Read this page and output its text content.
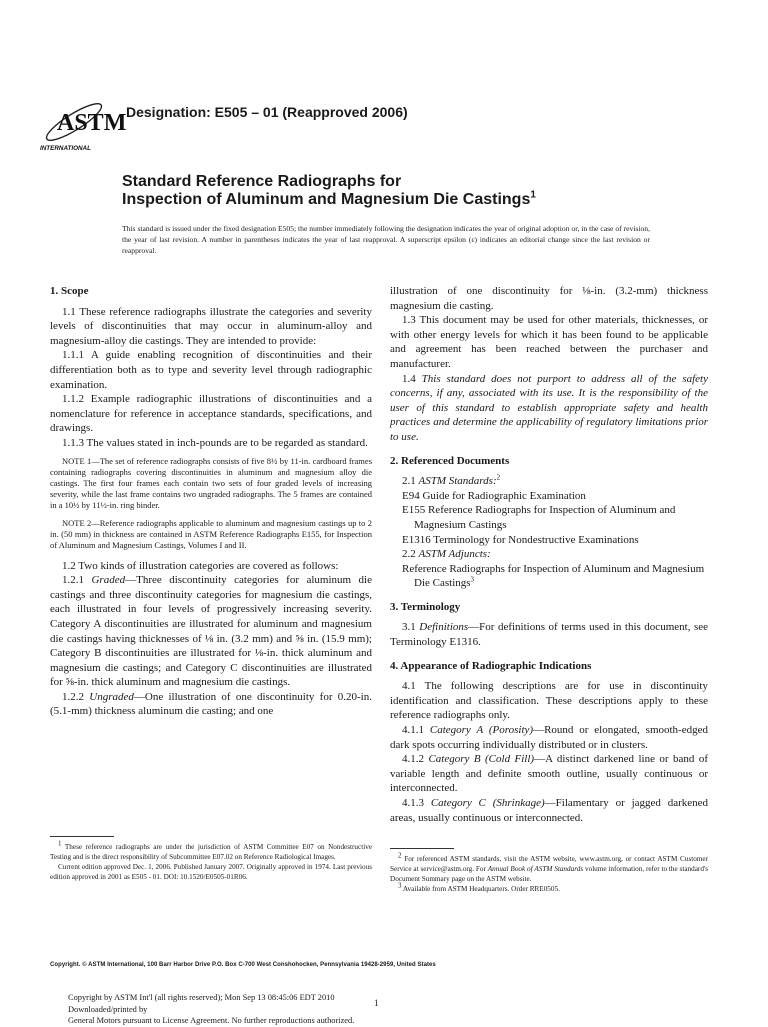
ASTM
INTERNATIONAL
Designation: E505 – 01 (Reapproved 2006)
Standard Reference Radiographs for
Inspection of Aluminum and Magnesium Die Castings$^1$
This standard is issued under the fixed designation E505; the number immediately following the designation indicates the year of original adoption or, in the case of revision, the year of last revision. A number in parentheses indicates the year of last reapproval. A superscript epsilon (ε) indicates an editorial change since the last revision or reapproval.
1. Scope

1.1 These reference radiographs illustrate the categories and severity levels of discontinuities that may occur in aluminum-alloy and magnesium-alloy die castings. They are intended to provide:

1.1.1 A guide enabling recognition of discontinuities and their differentiation both as to type and severity level through radiographic examination.

1.1.2 Example radiographic illustrations of discontinuities and a nomenclature for reference in acceptance standards, specifications, and drawings.

1.1.3 The values stated in inch-pounds are to be regarded as standard.

NOTE 1—The set of reference radiographs consists of five 8½ by 11-in. cardboard frames containing radiographs covering discontinuities in aluminum and magnesium alloy die castings. The first four frames each contain two sets of four graded levels of increasing severity, while the last frame contains two ungraded radiographs. The 5 frames are contained in a 10½ by 11½-in. ring binder.

NOTE 2—Reference radiographs applicable to aluminum and magnesium castings up to 2 in. (50 mm) in thickness are contained in ASTM Reference Radiographs E155, for Inspection of Aluminum and Magnesium Castings, Volumes I and II.

1.2 Two kinds of illustration categories are covered as follows:

1.2.1 Graded—Three discontinuity categories for aluminum die castings and three discontinuity categories for magnesium die castings, each illustrated in four levels of progressively increasing severity. Category A discontinuities are illustrated for aluminum and magnesium die castings having thicknesses of ⅛ in. (3.2 mm) and ⅝ in. (15.9 mm); Category B discontinuities are illustrated for ⅛-in. thick aluminum and magnesium die castings; and Category C discontinuities are illustrated for ⅝-in. thick aluminum and magnesium die castings.

1.2.2 Ungraded—One illustration of one discontinuity for 0.20-in. (5.1-mm) thickness aluminum die casting; and one

illustration of one discontinuity for ⅛-in. (3.2-mm) thickness magnesium die casting.

1.3 This document may be used for other materials, thicknesses, or with other energy levels for which it has been found to be applicable and agreement has been reached between the purchaser and manufacturer.

1.4 This standard does not purport to address all of the safety concerns, if any, associated with its use. It is the responsibility of the user of this standard to establish appropriate safety and health practices and determine the applicability of regulatory limitations prior to use.

2. Referenced Documents

2.1 ASTM Standards:$^2$

E94 Guide for Radiographic Examination

E155 Reference Radiographs for Inspection of Aluminum and Magnesium Castings

E1316 Terminology for Nondestructive Examinations

2.2 ASTM Adjuncts:

Reference Radiographs for Inspection of Aluminum and Magnesium Die Castings$^3$

3. Terminology

3.1 Definitions—For definitions of terms used in this document, see Terminology E1316.

4. Appearance of Radiographic Indications

4.1 The following descriptions are for use in discontinuity identification and classification. These descriptions apply to these reference radiographs only.

4.1.1 Category A (Porosity)—Round or elongated, smooth-edged dark spots occurring individually distributed or in clusters.

4.1.2 Category B (Cold Fill)—A distinct darkened line or band of variable length and definite smooth outline, usually continuous or interconnected.

4.1.3 Category C (Shrinkage)—Filamentary or jagged darkened areas, usually continuous or interconnected.

$^1$ These reference radiographs are under the jurisdiction of ASTM Committee E07 on Nondestructive Testing and is the direct responsibility of Subcommittee E07.02 on Reference Radiological Images.

Current edition approved Dec. 1, 2006. Published January 2007. Originally approved in 1974. Last previous edition approved in 2001 as E505 - 01. DOI: 10.1520/E0505-01R06.

$^2$ For referenced ASTM standards, visit the ASTM website, www.astm.org, or contact ASTM Customer Service at service@astm.org. For Annual Book of ASTM Standards volume information, refer to the standard's Document Summary page on the ASTM website.

$^3$ Available from ASTM Headquarters. Order RRE0505.

Copyright. © ASTM International, 100 Barr Harbor Drive P.O. Box C-700 West Conshohocken, Pennsylvania 19428-2959, United States
Copyright by ASTM Int'l (all rights reserved); Mon Sep 13 08:45:06 EDT 2010
Downloaded/printed by
General Motors pursuant to License Agreement. No further reproductions authorized.
1
